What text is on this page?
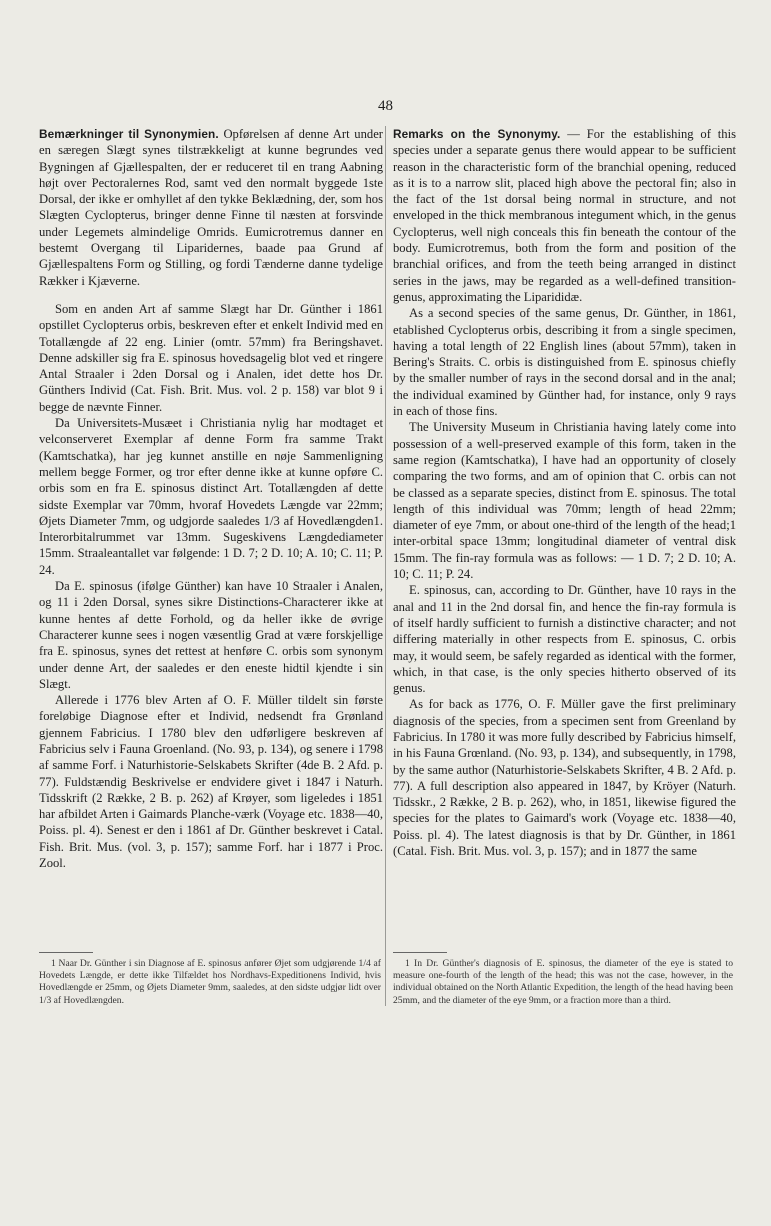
48

Bemærkninger til Synonymien. Opførelsen af denne Art under en særegen Slægt synes tilstrækkeligt at kunne begrundes ved Bygningen af Gjællespalten, der er reduceret til en trang Aabning højt over Pectoralernes Rod, samt ved den normalt byggede 1ste Dorsal, der ikke er omhyllet af den tykke Beklædning, der, som hos Slægten Cyclopterus, bringer denne Finne til næsten at forsvinde under Legemets almindelige Omrids. Eumicrotremus danner en bestemt Overgang til Liparidernes, baade paa Grund af Gjællespaltens Form og Stilling, og fordi Tænderne danne tydelige Rækker i Kjæverne.

Som en anden Art af samme Slægt har Dr. Günther i 1861 opstillet Cyclopterus orbis, beskreven efter et enkelt Individ med en Totallængde af 22 eng. Linier (omtr. 57mm) fra Beringshavet. Denne adskiller sig fra E. spinosus hovedsagelig blot ved et ringere Antal Straaler i 2den Dorsal og i Analen, idet dette hos Dr. Günthers Individ (Cat. Fish. Brit. Mus. vol. 2 p. 158) var blot 9 i begge de nævnte Finner.

Da Universitets-Musæet i Christiania nylig har modtaget et velconserveret Exemplar af denne Form fra samme Trakt (Kamtschatka), har jeg kunnet anstille en nøje Sammenligning mellem begge Former, og tror efter denne ikke at kunne opføre C. orbis som en fra E. spinosus distinct Art. Totallængden af dette sidste Exemplar var 70mm, hvoraf Hovedets Længde var 22mm; Øjets Diameter 7mm, og udgjorde saaledes 1/3 af Hovedlængden1. Interorbitalrummet var 13mm. Sugeskivens Længdediameter 15mm. Straaleantallet var følgende: 1 D. 7; 2 D. 10; A. 10; C. 11; P. 24.

Da E. spinosus (ifølge Günther) kan have 10 Straaler i Analen, og 11 i 2den Dorsal, synes sikre Distinctions-Characterer ikke at kunne hentes af dette Forhold, og da heller ikke de øvrige Characterer kunne sees i nogen væsentlig Grad at være forskjellige fra E. spinosus, synes det rettest at henføre C. orbis som synonym under denne Art, der saaledes er den eneste hidtil kjendte i sin Slægt.

Allerede i 1776 blev Arten af O. F. Müller tildelt sin første foreløbige Diagnose efter et Individ, nedsendt fra Grønland gjennem Fabricius. I 1780 blev den udførligere beskreven af Fabricius selv i Fauna Groenland. (No. 93, p. 134), og senere i 1798 af samme Forf. i Naturhistorie-Selskabets Skrifter (4de B. 2 Afd. p. 77). Fuldstændig Beskrivelse er endvidere givet i 1847 i Naturh. Tidsskrift (2 Række, 2 B. p. 262) af Krøyer, som ligeledes i 1851 har afbildet Arten i Gaimards Planche-værk (Voyage etc. 1838—40, Poiss. pl. 4). Senest er den i 1861 af Dr. Günther beskrevet i Catal. Fish. Brit. Mus. (vol. 3, p. 157); samme Forf. har i 1877 i Proc. Zool.

Remarks on the Synonymy. — For the establishing of this species under a separate genus there would appear to be sufficient reason in the characteristic form of the branchial opening, reduced as it is to a narrow slit, placed high above the pectoral fin; also in the fact of the 1st dorsal being normal in structure, and not enveloped in the thick membranous integument which, in the genus Cyclopterus, well nigh conceals this fin beneath the contour of the body. Eumicrotremus, both from the form and position of the branchial orifices, and from the teeth being arranged in distinct series in the jaws, may be regarded as a well-defined transition-genus, approximating the Liparididæ.

As a second species of the same genus, Dr. Günther, in 1861, etablished Cyclopterus orbis, describing it from a single specimen, having a total length of 22 English lines (about 57mm), taken in Bering's Straits. C. orbis is distinguished from E. spinosus chiefly by the smaller number of rays in the second dorsal and in the anal; the individual examined by Günther had, for instance, only 9 rays in each of those fins.

The University Museum in Christiania having lately come into possession of a well-preserved example of this form, taken in the same region (Kamtschatka), I have had an opportunity of closely comparing the two forms, and am of opinion that C. orbis can not be classed as a separate species, distinct from E. spinosus. The total length of this individual was 70mm; length of head 22mm; diameter of eye 7mm, or about one-third of the length of the head;1 inter-orbital space 13mm; longitudinal diameter of ventral disk 15mm. The fin-ray formula was as follows: — 1 D. 7; 2 D. 10; A. 10; C. 11; P. 24.

E. spinosus, can, according to Dr. Günther, have 10 rays in the anal and 11 in the 2nd dorsal fin, and hence the fin-ray formula is of itself hardly sufficient to furnish a distinctive character; and not differing materially in other respects from E. spinosus, C. orbis may, it would seem, be safely regarded as identical with the former, which, in that case, is the only species hitherto observed of its genus.

As for back as 1776, O. F. Müller gave the first preliminary diagnosis of the species, from a specimen sent from Greenland by Fabricius. In 1780 it was more fully described by Fabricius himself, in his Fauna Grœnland. (No. 93, p. 134), and subsequently, in 1798, by the same author (Naturhistorie-Selskabets Skrifter, 4 B. 2 Afd. p. 77). A full description also appeared in 1847, by Kröyer (Naturh. Tidsskr., 2 Række, 2 B. p. 262), who, in 1851, likewise figured the species for the plates to Gaimard's work (Voyage etc. 1838—40, Poiss. pl. 4). The latest diagnosis is that by Dr. Günther, in 1861 (Catal. Fish. Brit. Mus. vol. 3, p. 157); and in 1877 the same

1 Naar Dr. Günther i sin Diagnose af E. spinosus anfører Øjet som udgjørende 1/4 af Hovedets Længde, er dette ikke Tilfældet hos Nordhavs-Expeditionens Individ, hvis Hovedlængde er 25mm, og Øjets Diameter 9mm, saaledes, at den sidste udgjør lidt over 1/3 af Hovedlængden.

1 In Dr. Günther's diagnosis of E. spinosus, the diameter of the eye is stated to measure one-fourth of the length of the head; this was not the case, however, in the individual obtained on the North Atlantic Expedition, the length of the head having been 25mm, and the diameter of the eye 9mm, or a fraction more than a third.
